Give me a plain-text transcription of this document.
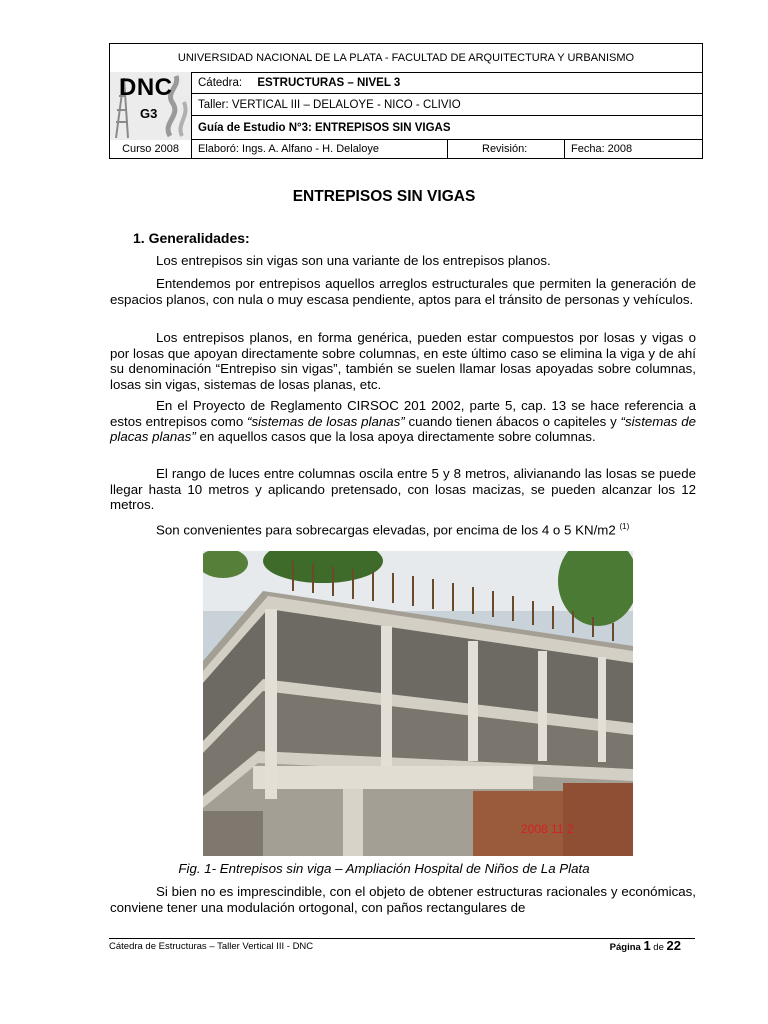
UNIVERSIDAD NACIONAL DE LA PLATA - FACULTAD DE ARQUITECTURA Y URBANISMO
DNC
G3
Cátedra: ESTRUCTURAS – NIVEL 3
Taller: VERTICAL III – DELALOYE - NICO - CLIVIO
Guía de Estudio N°3: ENTREPISOS SIN VIGAS
Curso 2008	Elaboró: Ings. A. Alfano - H. Delaloye	Revisión:	Fecha: 2008
ENTREPISOS SIN VIGAS
1. Generalidades:
Los entrepisos sin vigas son una variante de los entrepisos planos.
Entendemos por entrepisos aquellos arreglos estructurales que permiten la generación de espacios planos, con nula o muy escasa pendiente, aptos para el tránsito de personas y vehículos.
Los entrepisos planos, en forma genérica, pueden estar compuestos por losas y vigas o por losas que apoyan directamente sobre columnas, en este último caso se elimina la viga y de ahí su denominación “Entrepiso sin vigas”, también se suelen llamar losas apoyadas sobre columnas, losas sin vigas, sistemas de losas planas, etc.
En el Proyecto de Reglamento CIRSOC 201 2002, parte 5, cap. 13 se hace referencia a estos entrepisos como “sistemas de losas planas” cuando tienen ábacos o capiteles y “sistemas de placas planas” en aquellos casos que la losa apoya directamente sobre columnas.
El rango de luces entre columnas oscila entre 5 y 8 metros, alivianando las losas se puede llegar hasta 10 metros y aplicando pretensado, con losas macizas, se pueden alcanzar los 12 metros.
Son convenientes para sobrecargas elevadas, por encima de los 4 o 5 KN/m2 $^{(1)}$
2008 11 2
Fig. 1- Entrepisos sin viga – Ampliación Hospital de Niños de La Plata
Si bien no es imprescindible, con el objeto de obtener estructuras racionales y económicas, conviene tener una modulación ortogonal, con paños rectangulares de
Cátedra de Estructuras – Taller Vertical III - DNC	Página 1 de 22
